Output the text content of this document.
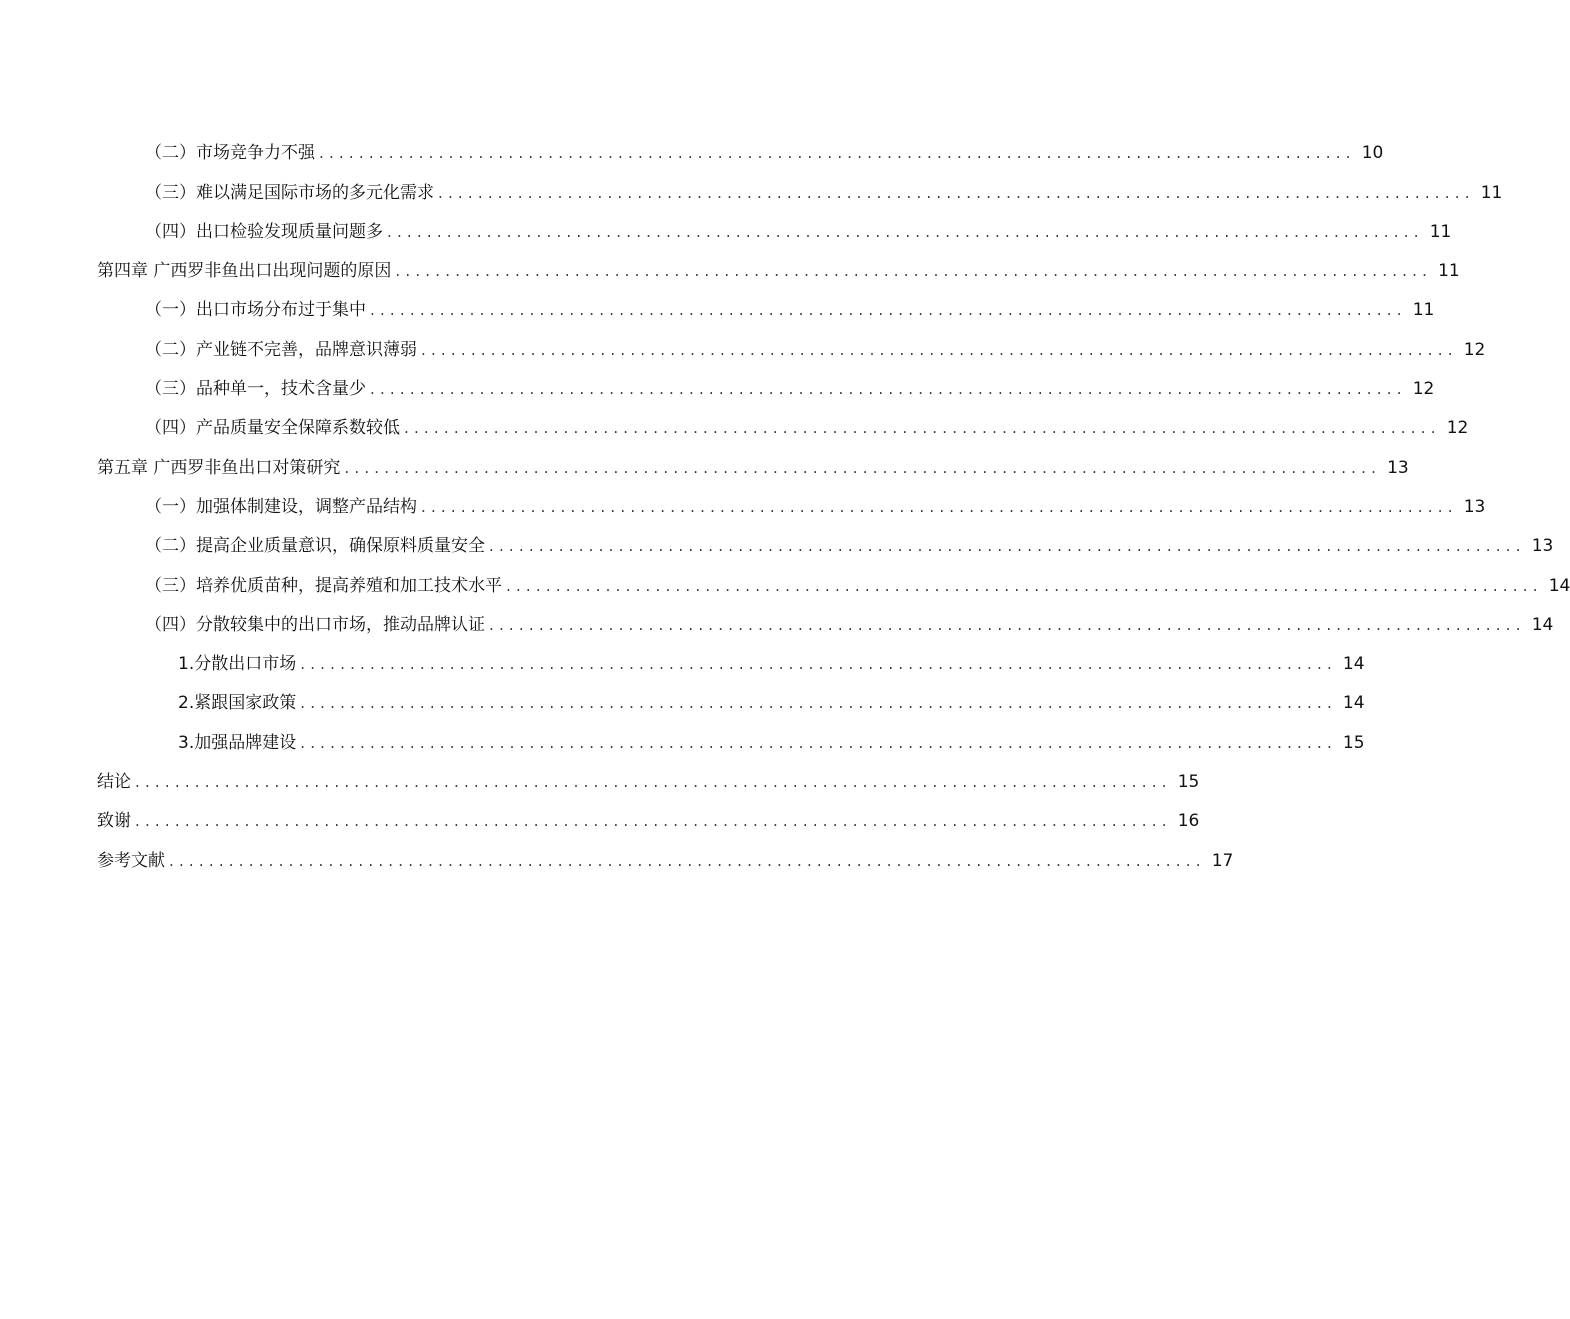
（二）市场竞争力不强 ........................................................................................................ 10
（三）难以满足国际市场的多元化需求 ........................................................................................................ 11
（四）出口检验发现质量问题多 ........................................................................................................ 11
第四章 广西罗非鱼出口出现问题的原因 ........................................................................................................ 11
（一）出口市场分布过于集中 ........................................................................................................ 11
（二）产业链不完善，品牌意识薄弱 ........................................................................................................ 12
（三）品种单一，技术含量少 ........................................................................................................ 12
（四）产品质量安全保障系数较低 ........................................................................................................ 12
第五章 广西罗非鱼出口对策研究 ........................................................................................................ 13
（一）加强体制建设，调整产品结构 ........................................................................................................ 13
（二）提高企业质量意识，确保原料质量安全 ........................................................................................................ 13
（三）培养优质苗种，提高养殖和加工技术水平 ........................................................................................................ 14
（四）分散较集中的出口市场，推动品牌认证 ........................................................................................................ 14
1.分散出口市场 ........................................................................................................ 14
2.紧跟国家政策 ........................................................................................................ 14
3.加强品牌建设 ........................................................................................................ 15
结论 ........................................................................................................ 15
致谢 ........................................................................................................ 16
参考文献 ........................................................................................................ 17
